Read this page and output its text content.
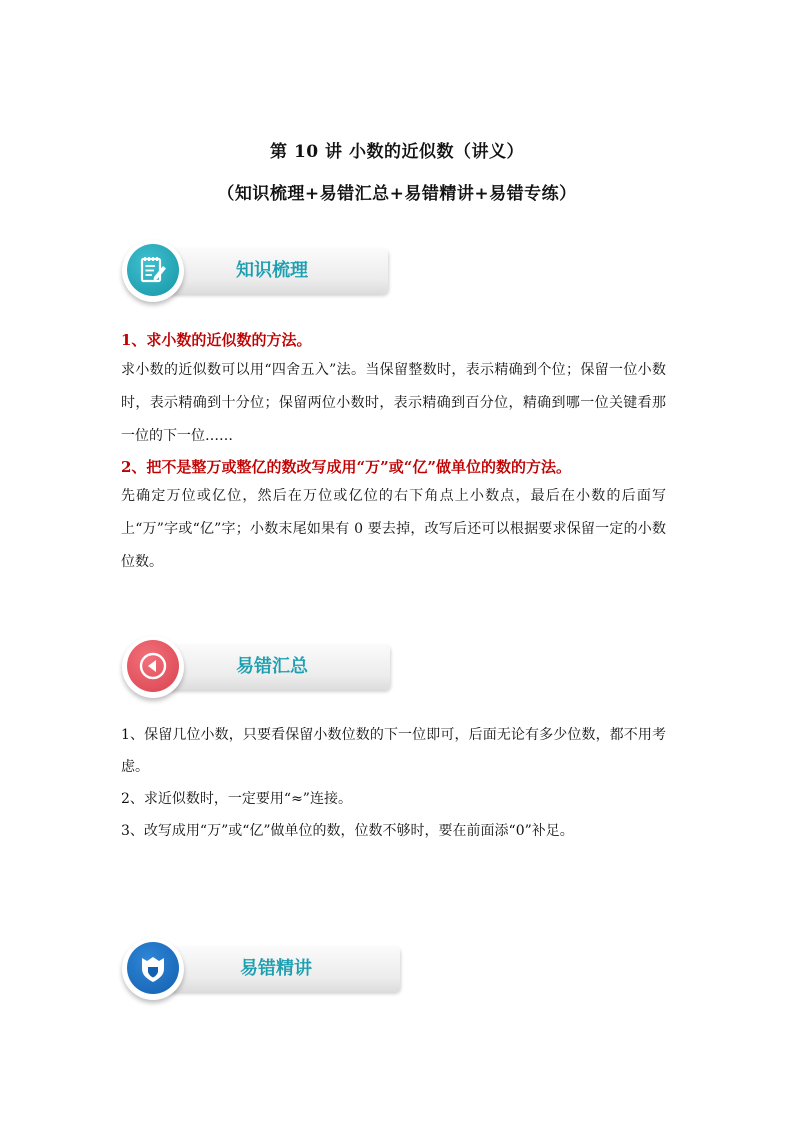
第 10 讲 小数的近似数（讲义）
（知识梳理+易错汇总+易错精讲+易错专练）
知识梳理
1、求小数的近似数的方法。
求小数的近似数可以用“四舍五入”法。当保留整数时，表示精确到个位；保留一位小数时，表示精确到十分位；保留两位小数时，表示精确到百分位，精确到哪一位关键看那一位的下一位……
2、把不是整万或整亿的数改写成用“万”或“亿”做单位的数的方法。
先确定万位或亿位，然后在万位或亿位的右下角点上小数点，最后在小数的后面写上“万”字或“亿”字；小数末尾如果有 0 要去掉，改写后还可以根据要求保留一定的小数位数。
易错汇总
1、保留几位小数，只要看保留小数位数的下一位即可，后面无论有多少位数，都不用考虑。
2、求近似数时，一定要用“≈”连接。
3、改写成用“万”或“亿”做单位的数，位数不够时，要在前面添“0”补足。
易错精讲
